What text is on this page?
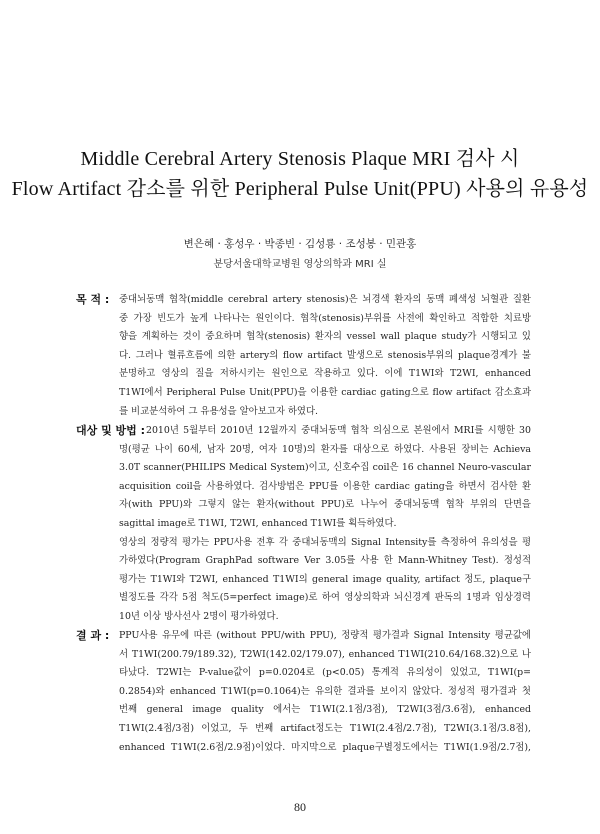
Middle Cerebral Artery Stenosis Plaque MRI 검사 시
Flow Artifact 감소를 위한 Peripheral Pulse Unit(PPU) 사용의 유용성
변은혜 · 홍성우 · 박종빈 · 김성룡 · 조성봉 · 민관홍
분당서울대학교병원 영상의학과 MRI 실
목 적 : 중대뇌동맥 협착(middle cerebral artery stenosis)은 뇌경색 환자의 동맥 폐색성 뇌혈관 질환
중 가장 빈도가 높게 나타나는 원인이다. 협착(stenosis)부위를 사전에 확인하고 적합한 치료방
향을 계획하는 것이 중요하며 협착(stenosis) 환자의 vessel wall plaque study가 시행되고 있
다. 그러나 혈류흐름에 의한 artery의 flow artifact 발생으로 stenosis부위의 plaque경계가 불
분명하고 영상의 질을 저하시키는 원인으로 작용하고 있다. 이에 T1WI와 T2WI, enhanced
T1WI에서 Peripheral Pulse Unit(PPU)을 이용한 cardiac gating으로 flow artifact 감소효과
를 비교분석하여 그 유용성을 알아보고자 하였다.
대상 및 방법 : 2010년 5월부터 2010년 12월까지 중대뇌동맥 협착 의심으로 본원에서 MRI를 시행한 30
명(평균 나이 60세, 남자 20명, 여자 10명)의 환자를 대상으로 하였다. 사용된 장비는 Achieva
3.0T scanner(PHILIPS Medical System)이고, 신호수집 coil은 16 channel Neuro-vascular
acquisition coil을 사용하였다. 검사방법은 PPU를 이용한 cardiac gating을 하면서 검사한 환
자(with PPU)와 그렇지 않는 환자(without PPU)로 나누어 중대뇌동맥 협착 부위의 단면을
sagittal image로 T1WI, T2WI, enhanced T1WI를 획득하였다.
영상의 정량적 평가는 PPU사용 전후 각 중대뇌동맥의 Signal Intensity를 측정하여 유의성을 평
가하였다(Program GraphPad software Ver 3.05를 사용 한 Mann-Whitney Test). 정성적
평가는 T1WI와 T2WI, enhanced T1WI의 general image quality, artifact 정도, plaque구
별정도를 각각 5점 척도(5=perfect image)로 하여 영상의학과 뇌신경계 판독의 1명과 임상경력
10년 이상 방사선사 2명이 평가하였다.
결 과 : PPU사용 유무에 따른 (without PPU/with PPU), 정량적 평가결과 Signal Intensity 평균값에
서 T1WI(200.79/189.32), T2WI(142.02/179.07), enhanced T1WI(210.64/168.32)으로 나
타났다. T2WI는 P-value값이 p=0.0204로 (p<0.05) 통계적 유의성이 있었고, T1WI(p=
0.2854)와 enhanced T1WI(p=0.1064)는 유의한 결과를 보이지 않았다. 정성적 평가결과 첫
번째 general image quality 에서는 T1WI(2.1점/3점), T2WI(3점/3.6점), enhanced
T1WI(2.4점/3점) 이었고, 두 번째 artifact정도는 T1WI(2.4점/2.7점), T2WI(3.1점/3.8점),
enhanced T1WI(2.6점/2.9점)이었다. 마지막으로 plaque구별정도에서는 T1WI(1.9점/2.7점),
80
